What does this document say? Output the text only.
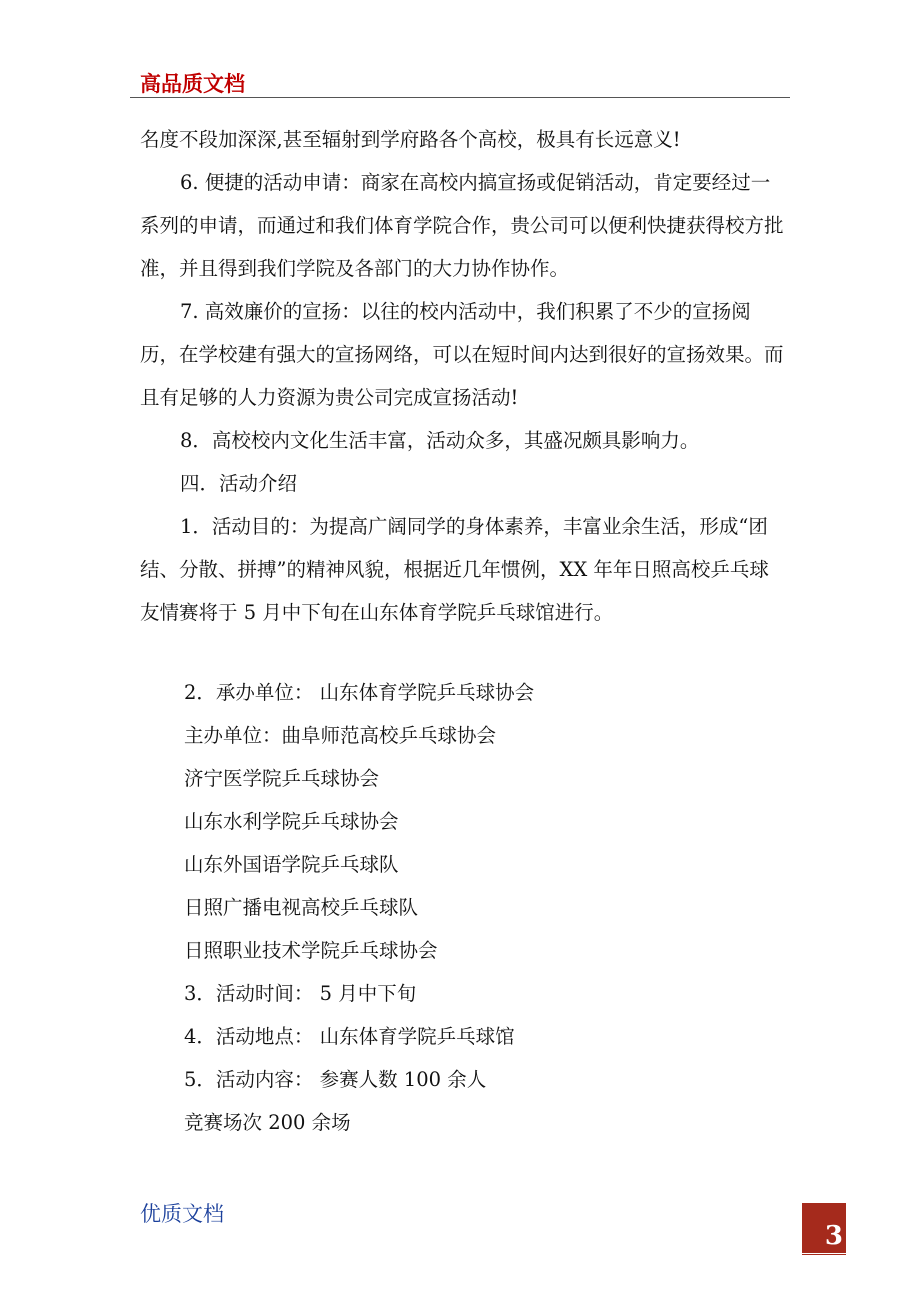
高品质文档

名度不段加深深,甚至辐射到学府路各个高校，极具有长远意义!

6. 便捷的活动申请：商家在高校内搞宣扬或促销活动，肯定要经过一系列的申请，而通过和我们体育学院合作，贵公司可以便利快捷获得校方批准，并且得到我们学院及各部门的大力协作协作。

7. 高效廉价的宣扬：以往的校内活动中，我们积累了不少的宣扬阅历，在学校建有强大的宣扬网络，可以在短时间内达到很好的宣扬效果。而且有足够的人力资源为贵公司完成宣扬活动!

8．高校校内文化生活丰富，活动众多，其盛况颇具影响力。

四．活动介绍

1．活动目的：为提高广阔同学的身体素养，丰富业余生活，形成“团结、分散、拼搏”的精神风貌，根据近几年惯例，XX 年年日照高校乒乓球友情赛将于 5 月中下旬在山东体育学院乒乓球馆进行。

2．承办单位： 山东体育学院乒乓球协会

主办单位：曲阜师范高校乒乓球协会

济宁医学院乒乓球协会

山东水利学院乒乓球协会

山东外国语学院乒乓球队

日照广播电视高校乒乓球队

日照职业技术学院乒乓球协会

3．活动时间： 5 月中下旬

4．活动地点： 山东体育学院乒乓球馆

5．活动内容： 参赛人数 100 余人

竞赛场次 200 余场

优质文档
3
